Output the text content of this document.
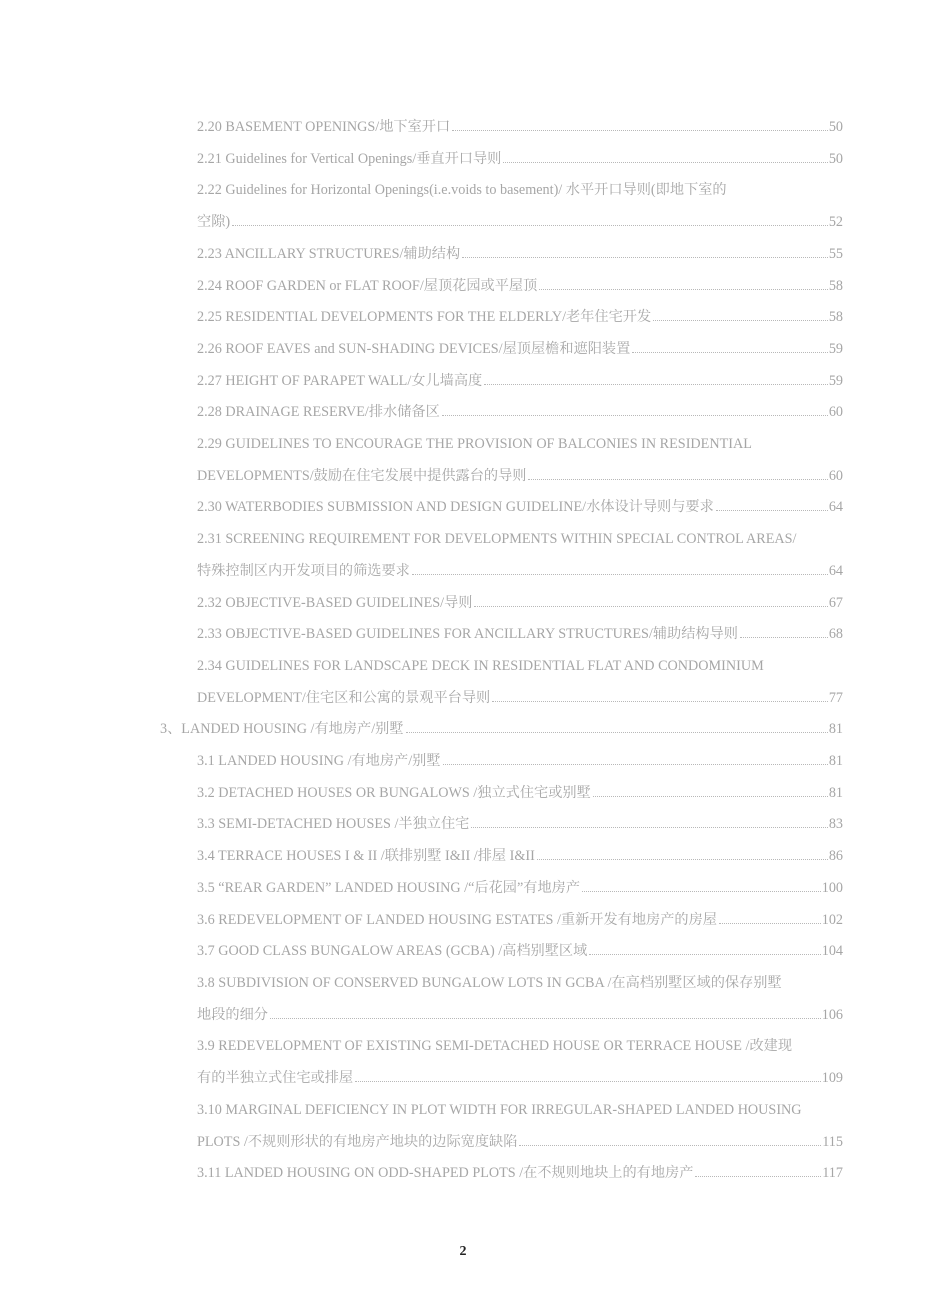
2.20 BASEMENT OPENINGS/地下室开口	50
2.21 Guidelines for Vertical Openings/垂直开口导则	50
2.22 Guidelines for Horizontal Openings(i.e.voids to basement)/ 水平开口导则(即地下室的
空隙)	52
2.23 ANCILLARY STRUCTURES/辅助结构	55
2.24 ROOF GARDEN or FLAT ROOF/屋顶花园或平屋顶	58
2.25 RESIDENTIAL DEVELOPMENTS FOR THE ELDERLY/老年住宅开发	58
2.26 ROOF EAVES and SUN-SHADING DEVICES/屋顶屋檐和遮阳装置	59
2.27 HEIGHT OF PARAPET WALL/女儿墙高度	59
2.28 DRAINAGE RESERVE/排水储备区	60
2.29 GUIDELINES TO ENCOURAGE THE PROVISION OF BALCONIES IN RESIDENTIAL
DEVELOPMENTS/鼓励在住宅发展中提供露台的导则	60
2.30 WATERBODIES SUBMISSION AND DESIGN GUIDELINE/水体设计导则与要求	64
2.31 SCREENING REQUIREMENT FOR DEVELOPMENTS WITHIN SPECIAL CONTROL AREAS/
特殊控制区内开发项目的筛选要求	64
2.32 OBJECTIVE-BASED GUIDELINES/导则	67
2.33 OBJECTIVE-BASED GUIDELINES FOR ANCILLARY STRUCTURES/辅助结构导则	68
2.34 GUIDELINES FOR LANDSCAPE DECK IN RESIDENTIAL FLAT AND CONDOMINIUM
DEVELOPMENT/住宅区和公寓的景观平台导则	77
3、LANDED HOUSING /有地房产/别墅	81
3.1 LANDED HOUSING /有地房产/别墅	81
3.2 DETACHED HOUSES OR BUNGALOWS /独立式住宅或别墅	81
3.3 SEMI-DETACHED HOUSES /半独立住宅	83
3.4 TERRACE HOUSES I & II /联排别墅 I&II /排屋 I&II	86
3.5 “REAR GARDEN” LANDED HOUSING /“后花园”有地房产	100
3.6 REDEVELOPMENT OF LANDED HOUSING ESTATES /重新开发有地房产的房屋	102
3.7 GOOD CLASS BUNGALOW AREAS (GCBA) /高档别墅区域	104
3.8 SUBDIVISION OF CONSERVED BUNGALOW LOTS IN GCBA /在高档别墅区域的保存别墅
地段的细分	106
3.9 REDEVELOPMENT OF EXISTING SEMI-DETACHED HOUSE OR TERRACE HOUSE /改建现
有的半独立式住宅或排屋	109
3.10 MARGINAL DEFICIENCY IN PLOT WIDTH FOR IRREGULAR-SHAPED LANDED HOUSING
PLOTS /不规则形状的有地房产地块的边际宽度缺陷	115
3.11 LANDED HOUSING ON ODD-SHAPED PLOTS /在不规则地块上的有地房产	117
2
